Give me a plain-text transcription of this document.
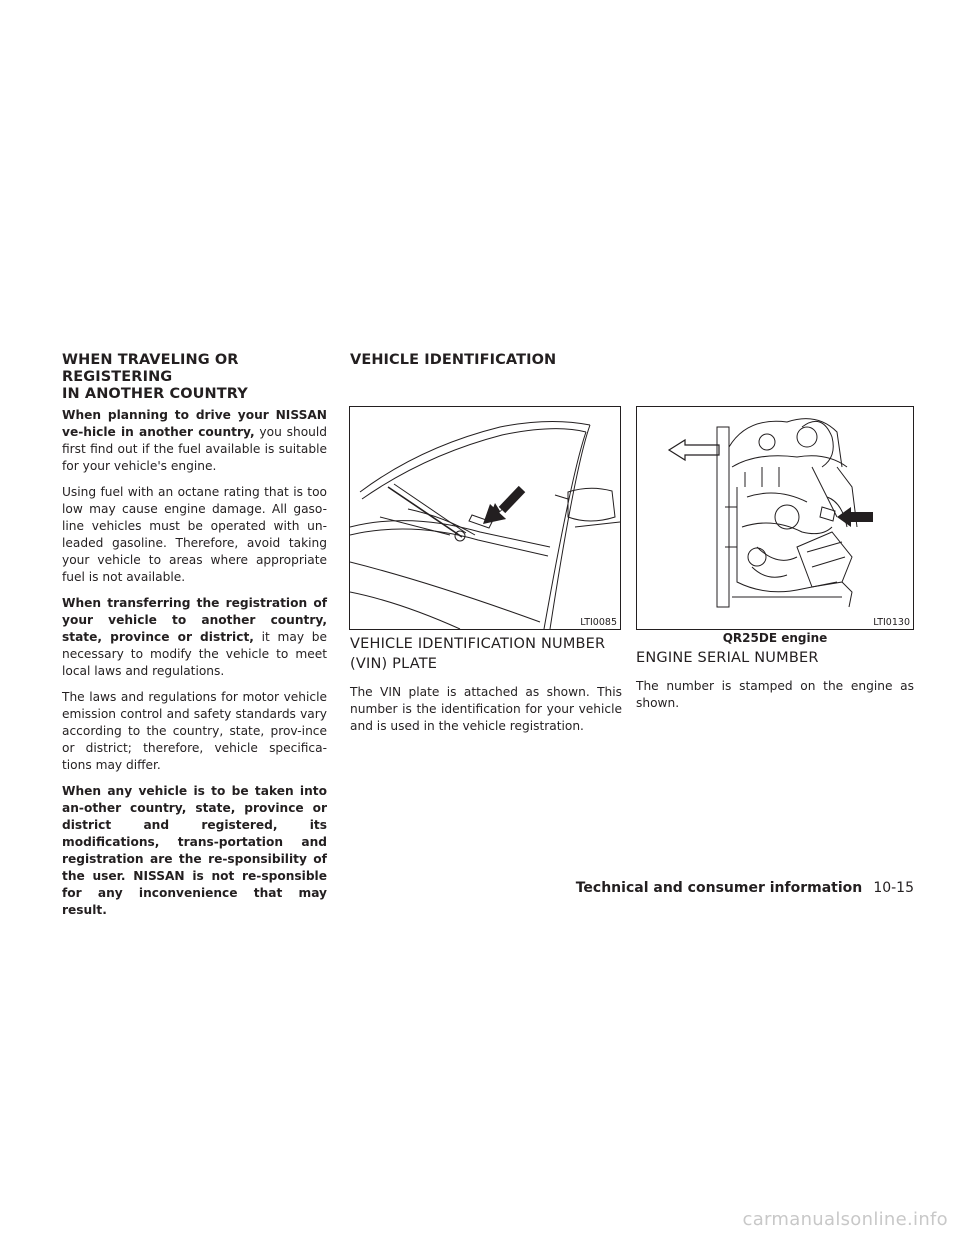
WHEN TRAVELING OR REGISTERING
IN ANOTHER COUNTRY
VEHICLE IDENTIFICATION

When planning to drive your NISSAN ve-hicle in another country, you should first find out if the fuel available is suitable for your vehicle's engine.

Using fuel with an octane rating that is too low may cause engine damage. All gaso-line vehicles must be operated with un-leaded gasoline. Therefore, avoid taking your vehicle to areas where appropriate fuel is not available.

When transferring the registration of your vehicle to another country, state, province or district, it may be necessary to modify the vehicle to meet local laws and regulations.

The laws and regulations for motor vehicle emission control and safety standards vary according to the country, state, prov-ince or district; therefore, vehicle specifica-tions may differ.

When any vehicle is to be taken into an-other country, state, province or district and registered, its modifications, trans-portation and registration are the re-sponsibility of the user. NISSAN is not re-sponsible for any inconvenience that may result.

LTI0085
VEHICLE IDENTIFICATION NUMBER
(VIN) PLATE

The VIN plate is attached as shown. This number is the identification for your vehicle and is used in the vehicle registration.

LTI0130
QR25DE engine
ENGINE SERIAL NUMBER

The number is stamped on the engine as shown.

Technical and consumer information 10-15
carmanualsonline.info
